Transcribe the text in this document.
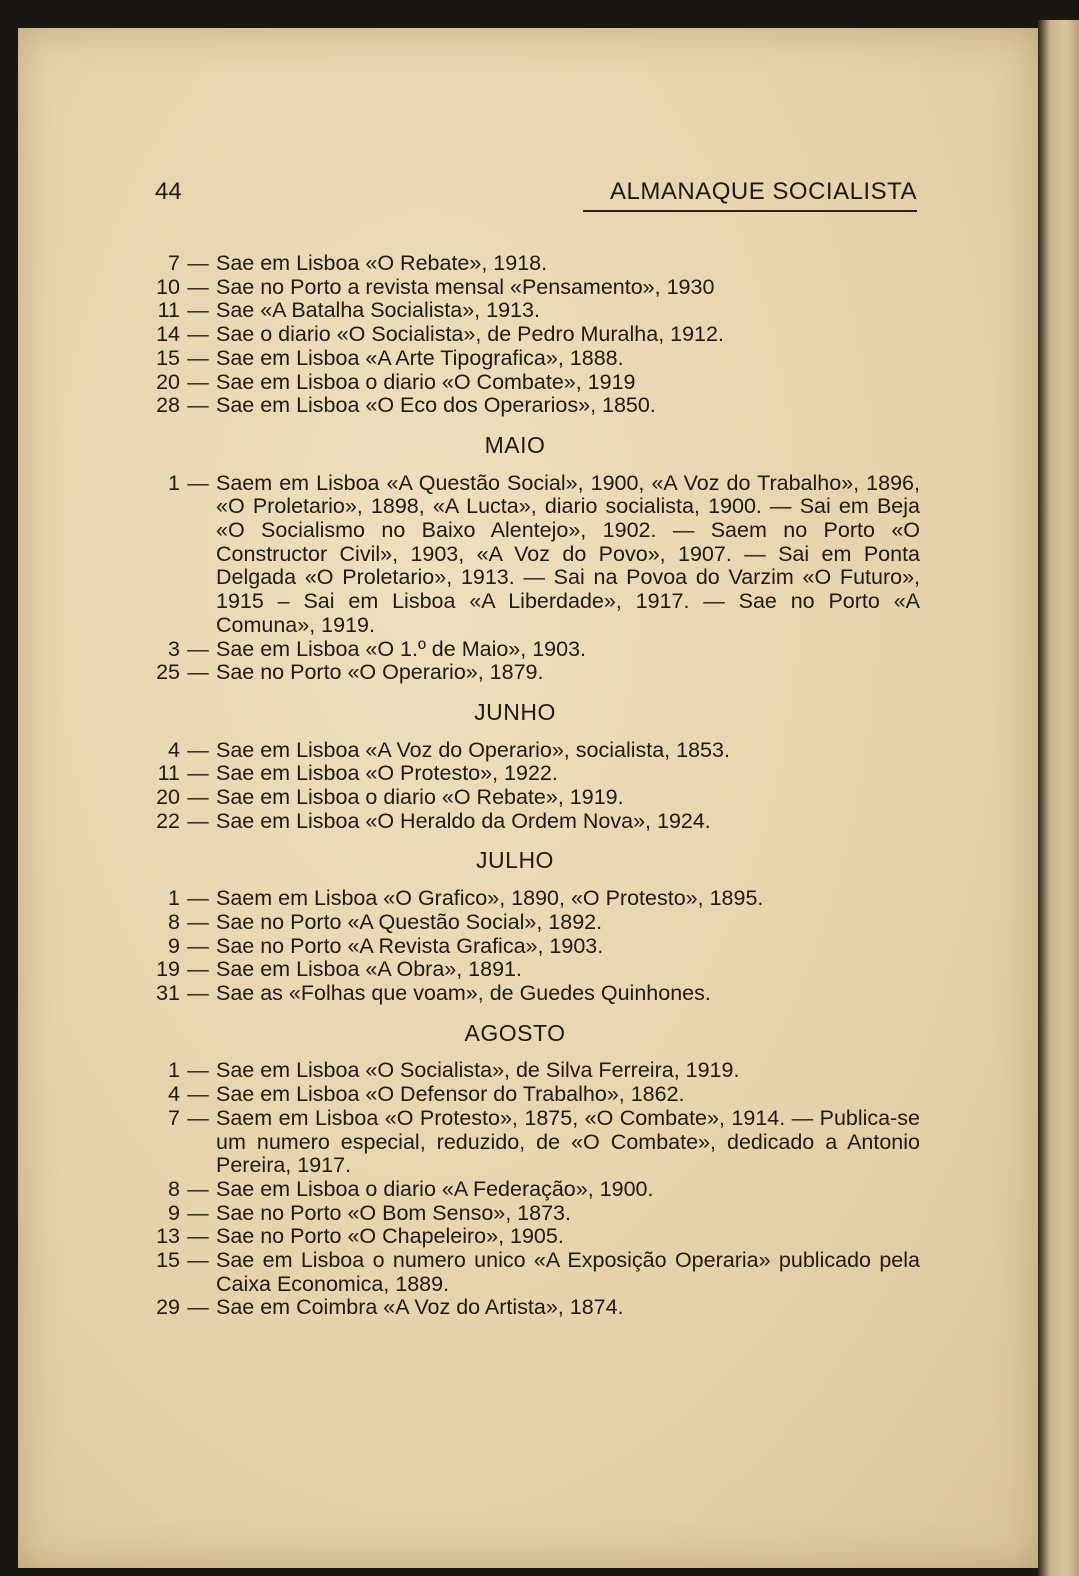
44	ALMANAQUE SOCIALISTA
7 — Sae em Lisboa «O Rebate», 1918.
10 — Sae no Porto a revista mensal «Pensamento», 1930
11 — Sae «A Batalha Socialista», 1913.
14 — Sae o diario «O Socialista», de Pedro Muralha, 1912.
15 — Sae em Lisboa «A Arte Tipografica», 1888.
20 — Sae em Lisboa o diario «O Combate», 1919
28 — Sae em Lisboa «O Eco dos Operarios», 1850.
MAIO
1 — Saem em Lisboa «A Questão Social», 1900, «A Voz do Trabalho», 1896, «O Proletario», 1898, «A Lucta», diario socialista, 1900. — Sai em Beja «O Socialismo no Baixo Alentejo», 1902. — Saem no Porto «O Constructor Civil», 1903, «A Voz do Povo», 1907. — Sai em Ponta Delgada «O Proletario», 1913. — Sai na Povoa do Varzim «O Futuro», 1915 – Sai em Lisboa «A Liberdade», 1917. — Sae no Porto «A Comuna», 1919.
3 — Sae em Lisboa «O 1.º de Maio», 1903.
25 — Sae no Porto «O Operario», 1879.
JUNHO
4 — Sae em Lisboa «A Voz do Operario», socialista, 1853.
11 — Sae em Lisboa «O Protesto», 1922.
20 — Sae em Lisboa o diario «O Rebate», 1919.
22 — Sae em Lisboa «O Heraldo da Ordem Nova», 1924.
JULHO
1 — Saem em Lisboa «O Grafico», 1890, «O Protesto», 1895.
8 — Sae no Porto «A Questão Social», 1892.
9 — Sae no Porto «A Revista Grafica», 1903.
19 — Sae em Lisboa «A Obra», 1891.
31 — Sae as «Folhas que voam», de Guedes Quinhones.
AGOSTO
1 — Sae em Lisboa «O Socialista», de Silva Ferreira, 1919.
4 — Sae em Lisboa «O Defensor do Trabalho», 1862.
7 — Saem em Lisboa «O Protesto», 1875, «O Combate», 1914. — Publica-se um numero especial, reduzido, de «O Combate», dedicado a Antonio Pereira, 1917.
8 — Sae em Lisboa o diario «A Federação», 1900.
9 — Sae no Porto «O Bom Senso», 1873.
13 — Sae no Porto «O Chapeleiro», 1905.
15 — Sae em Lisboa o numero unico «A Exposição Operaria» publicado pela Caixa Economica, 1889.
29 — Sae em Coimbra «A Voz do Artista», 1874.
